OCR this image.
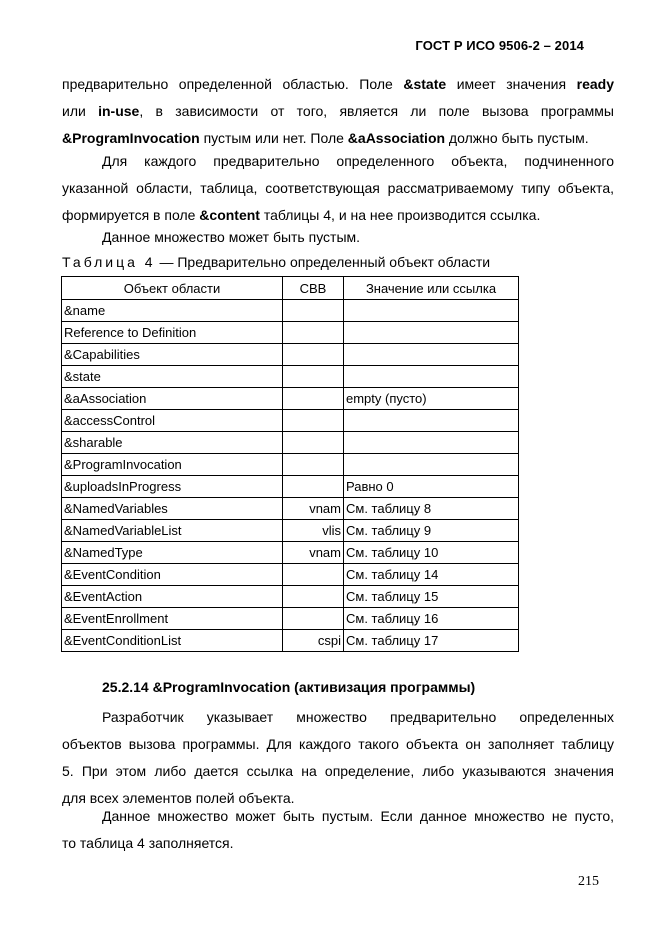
ГОСТ Р ИСО 9506-2 – 2014
предварительно определенной областью. Поле &state имеет значения ready
или in-use, в зависимости от того, является ли поле вызова программы
&ProgramInvocation пустым или нет. Поле &aAssociation должно быть пустым.
Для каждого предварительно определенного объекта, подчиненного
указанной области, таблица, соответствующая рассматриваемому типу объекта,
формируется в поле &content таблицы 4, и на нее производится ссылка.
Данное множество может быть пустым.
Таблица 4 — Предварительно определенный объект области
Объект области	СВВ	Значение или ссылка
&name		
Reference to Definition		
&Capabilities		
&state		
&aAssociation		empty (пусто)
&accessControl		
&sharable		
&ProgramInvocation		
&uploadsInProgress		Равно 0
&NamedVariables	vnam	См. таблицу 8
&NamedVariableList	vlis	См. таблицу 9
&NamedType	vnam	См. таблицу 10
&EventCondition		См. таблицу 14
&EventAction		См. таблицу 15
&EventEnrollment		См. таблицу 16
&EventConditionList	cspi	См. таблицу 17
25.2.14 &ProgramInvocation (активизация программы)
Разработчик указывает множество предварительно определенных
объектов вызова программы. Для каждого такого объекта он заполняет таблицу
5. При этом либо дается ссылка на определение, либо указываются значения
для всех элементов полей объекта.
Данное множество может быть пустым. Если данное множество не пусто,
то таблица 4 заполняется.
215
